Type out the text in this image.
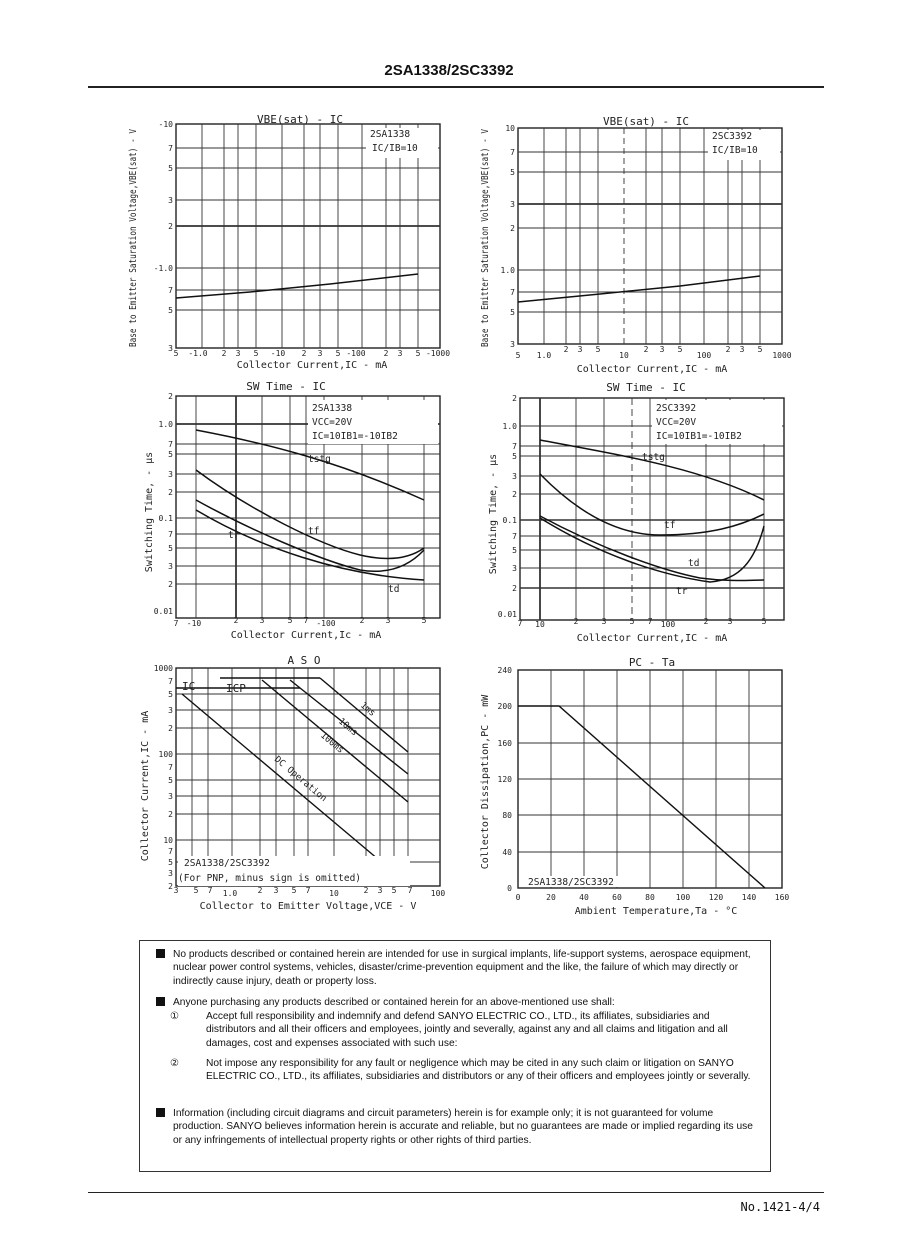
2SA1338/2SC3392
VBE(sat) - IC
2SA1338
IC/IB=10
-10
7
5
3
2
-1.0
7
5
3
5 -1.0 2 3 5 -10 2 3 5 -100 2 3 5 -1000
Collector Current,IC - mA
Base to Emitter Saturation Voltage,VBE(sat) - V	VBE(sat) - IC
2SC3392
IC/IB=10
10
7
5
3
2
1.0
7
5
3
5 1.0
2 3 5
10
2 3 5
100
2 3 5
1000
Collector Current,IC - mA
Base to Emitter Saturation Voltage,VBE(sat) - V
SW Time - IC
2SA1338
VCC=20V
IC=10IB1=-10IB2
tstg
tf
tr
td
2
1.0
7
5
3
2
0.1
7
5
3
2
0.01
7 -10	2	3	5 7 -100	2	3	5
Collector Current,Ic - mA
Switching Time, - μs
SW Time - IC
2SC3392
VCC=20V
IC=10IB1=-10IB2
tstg
tf
td
tr
2
1.0
7
5
3
2
0.1
7
5
3
2
0.01
7 10	2	3	5 7 100	2 3	5
Collector Current,IC - mA
Switching Time, - μs
A S O
2SA1338/2SC3392
(For PNP, minus sign is omitted)
IC	ICP
1ms
10ms
100ms
DC Operation
1000
7
5
3
2
100
7
5
3
2
10
7
5
3
2 3 5 7 1.0	2 3 5 7 10	2 3 5 7 100
Collector to Emitter Voltage,VCE - V
Collector Current,IC - mA
PC - Ta
2SA1338/2SC3392
240
200
160
120
80
40
0
0	20	40	60	80	100 120 140 160
Ambient Temperature,Ta - °C
Collector Dissipation,PC - mW
No products described or contained herein are intended for use in surgical implants, life-support systems, aerospace equipment, nuclear power control systems, vehicles, disaster/crime-prevention equipment and the like, the failure of which may directly or indirectly cause injury, death or property loss.
Anyone purchasing any products described or contained herein for an above-mentioned use shall:
①	Accept full responsibility and indemnify and defend SANYO ELECTRIC CO., LTD., its affiliates, subsidiaries and distributors and all their officers and employees, jointly and severally, against any and all claims and litigation and all damages, cost and expenses associated with such use:
②	Not impose any responsibility for any fault or negligence which may be cited in any such claim or litigation on SANYO ELECTRIC CO., LTD., its affiliates, subsidiaries and distributors or any of their officers and employees jointly or severally.
Information (including circuit diagrams and circuit parameters) herein is for example only; it is not guaranteed for volume production. SANYO believes information herein is accurate and reliable, but no guarantees are made or implied regarding its use or any infringements of intellectual property rights or other rights of third parties.
No.1421-4/4
